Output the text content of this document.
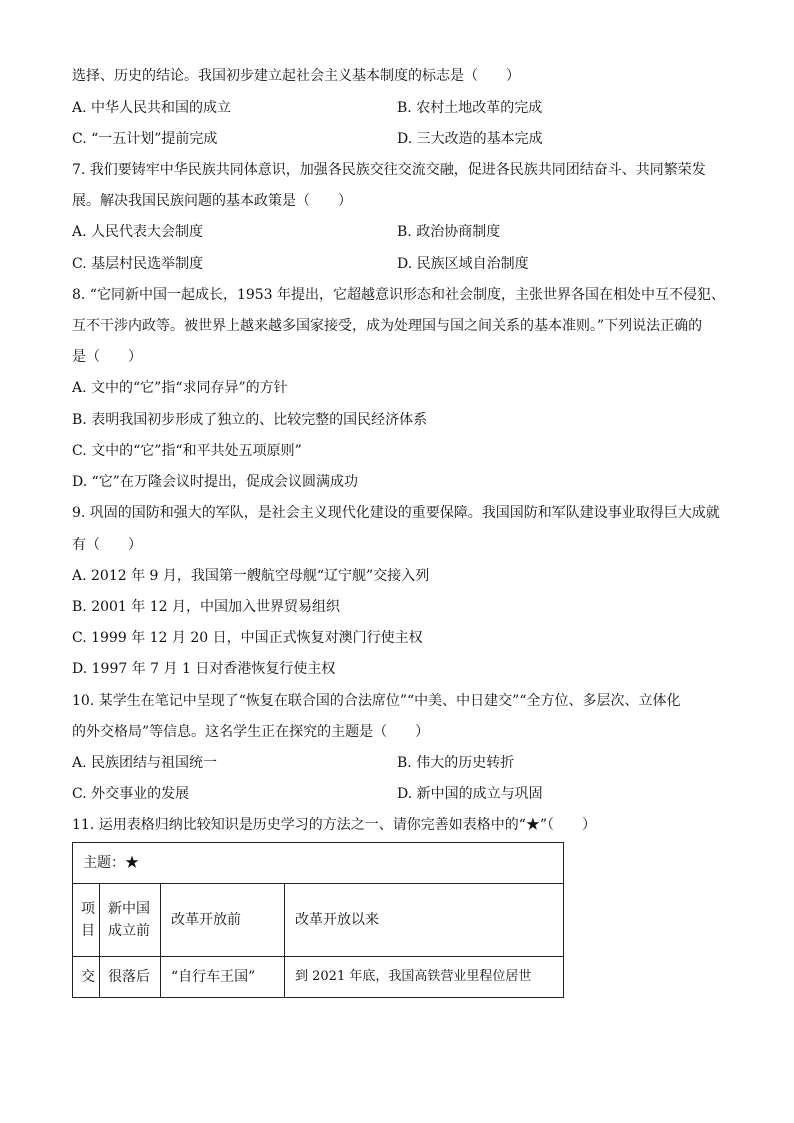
选择、历史的结论。我国初步建立起社会主义基本制度的标志是（　　）
A. 中华人民共和国的成立	B. 农村土地改革的完成
C. “一五计划”提前完成	D. 三大改造的基本完成
7. 我们要铸牢中华民族共同体意识，加强各民族交往交流交融，促进各民族共同团结奋斗、共同繁荣发
展。解决我国民族问题的基本政策是（　　）
A. 人民代表大会制度	B. 政治协商制度
C. 基层村民选举制度	D. 民族区域自治制度
8. “它同新中国一起成长，1953 年提出，它超越意识形态和社会制度，主张世界各国在相处中互不侵犯、
互不干涉内政等。被世界上越来越多国家接受，成为处理国与国之间关系的基本准则。”下列说法正确的
是（　　）
A. 文中的“它”指“求同存异”的方针
B. 表明我国初步形成了独立的、比较完整的国民经济体系
C. 文中的“它”指“和平共处五项原则”
D. “它”在万隆会议时提出，促成会议圆满成功
9. 巩固的国防和强大的军队，是社会主义现代化建设的重要保障。我国国防和军队建设事业取得巨大成就
有（　　）
A. 2012 年 9 月，我国第一艘航空母舰“辽宁舰”交接入列
B. 2001 年 12 月，中国加入世界贸易组织
C. 1999 年 12 月 20 日，中国正式恢复对澳门行使主权
D. 1997 年 7 月 1 日对香港恢复行使主权
10. 某学生在笔记中呈现了“恢复在联合国的合法席位”“中美、中日建交”“全方位、多层次、立体化
的外交格局”等信息。这名学生正在探究的主题是（　　）
A. 民族团结与祖国统一	B. 伟大的历史转折
C. 外交事业的发展	D. 新中国的成立与巩固
11. 运用表格归纳比较知识是历史学习的方法之一、请你完善如表格中的“★”（　　）
主题：★			
项目	新中国成立前	改革开放前	改革开放以来
交	很落后	“自行车王国”	到 2021 年底，我国高铁营业里程位居世
